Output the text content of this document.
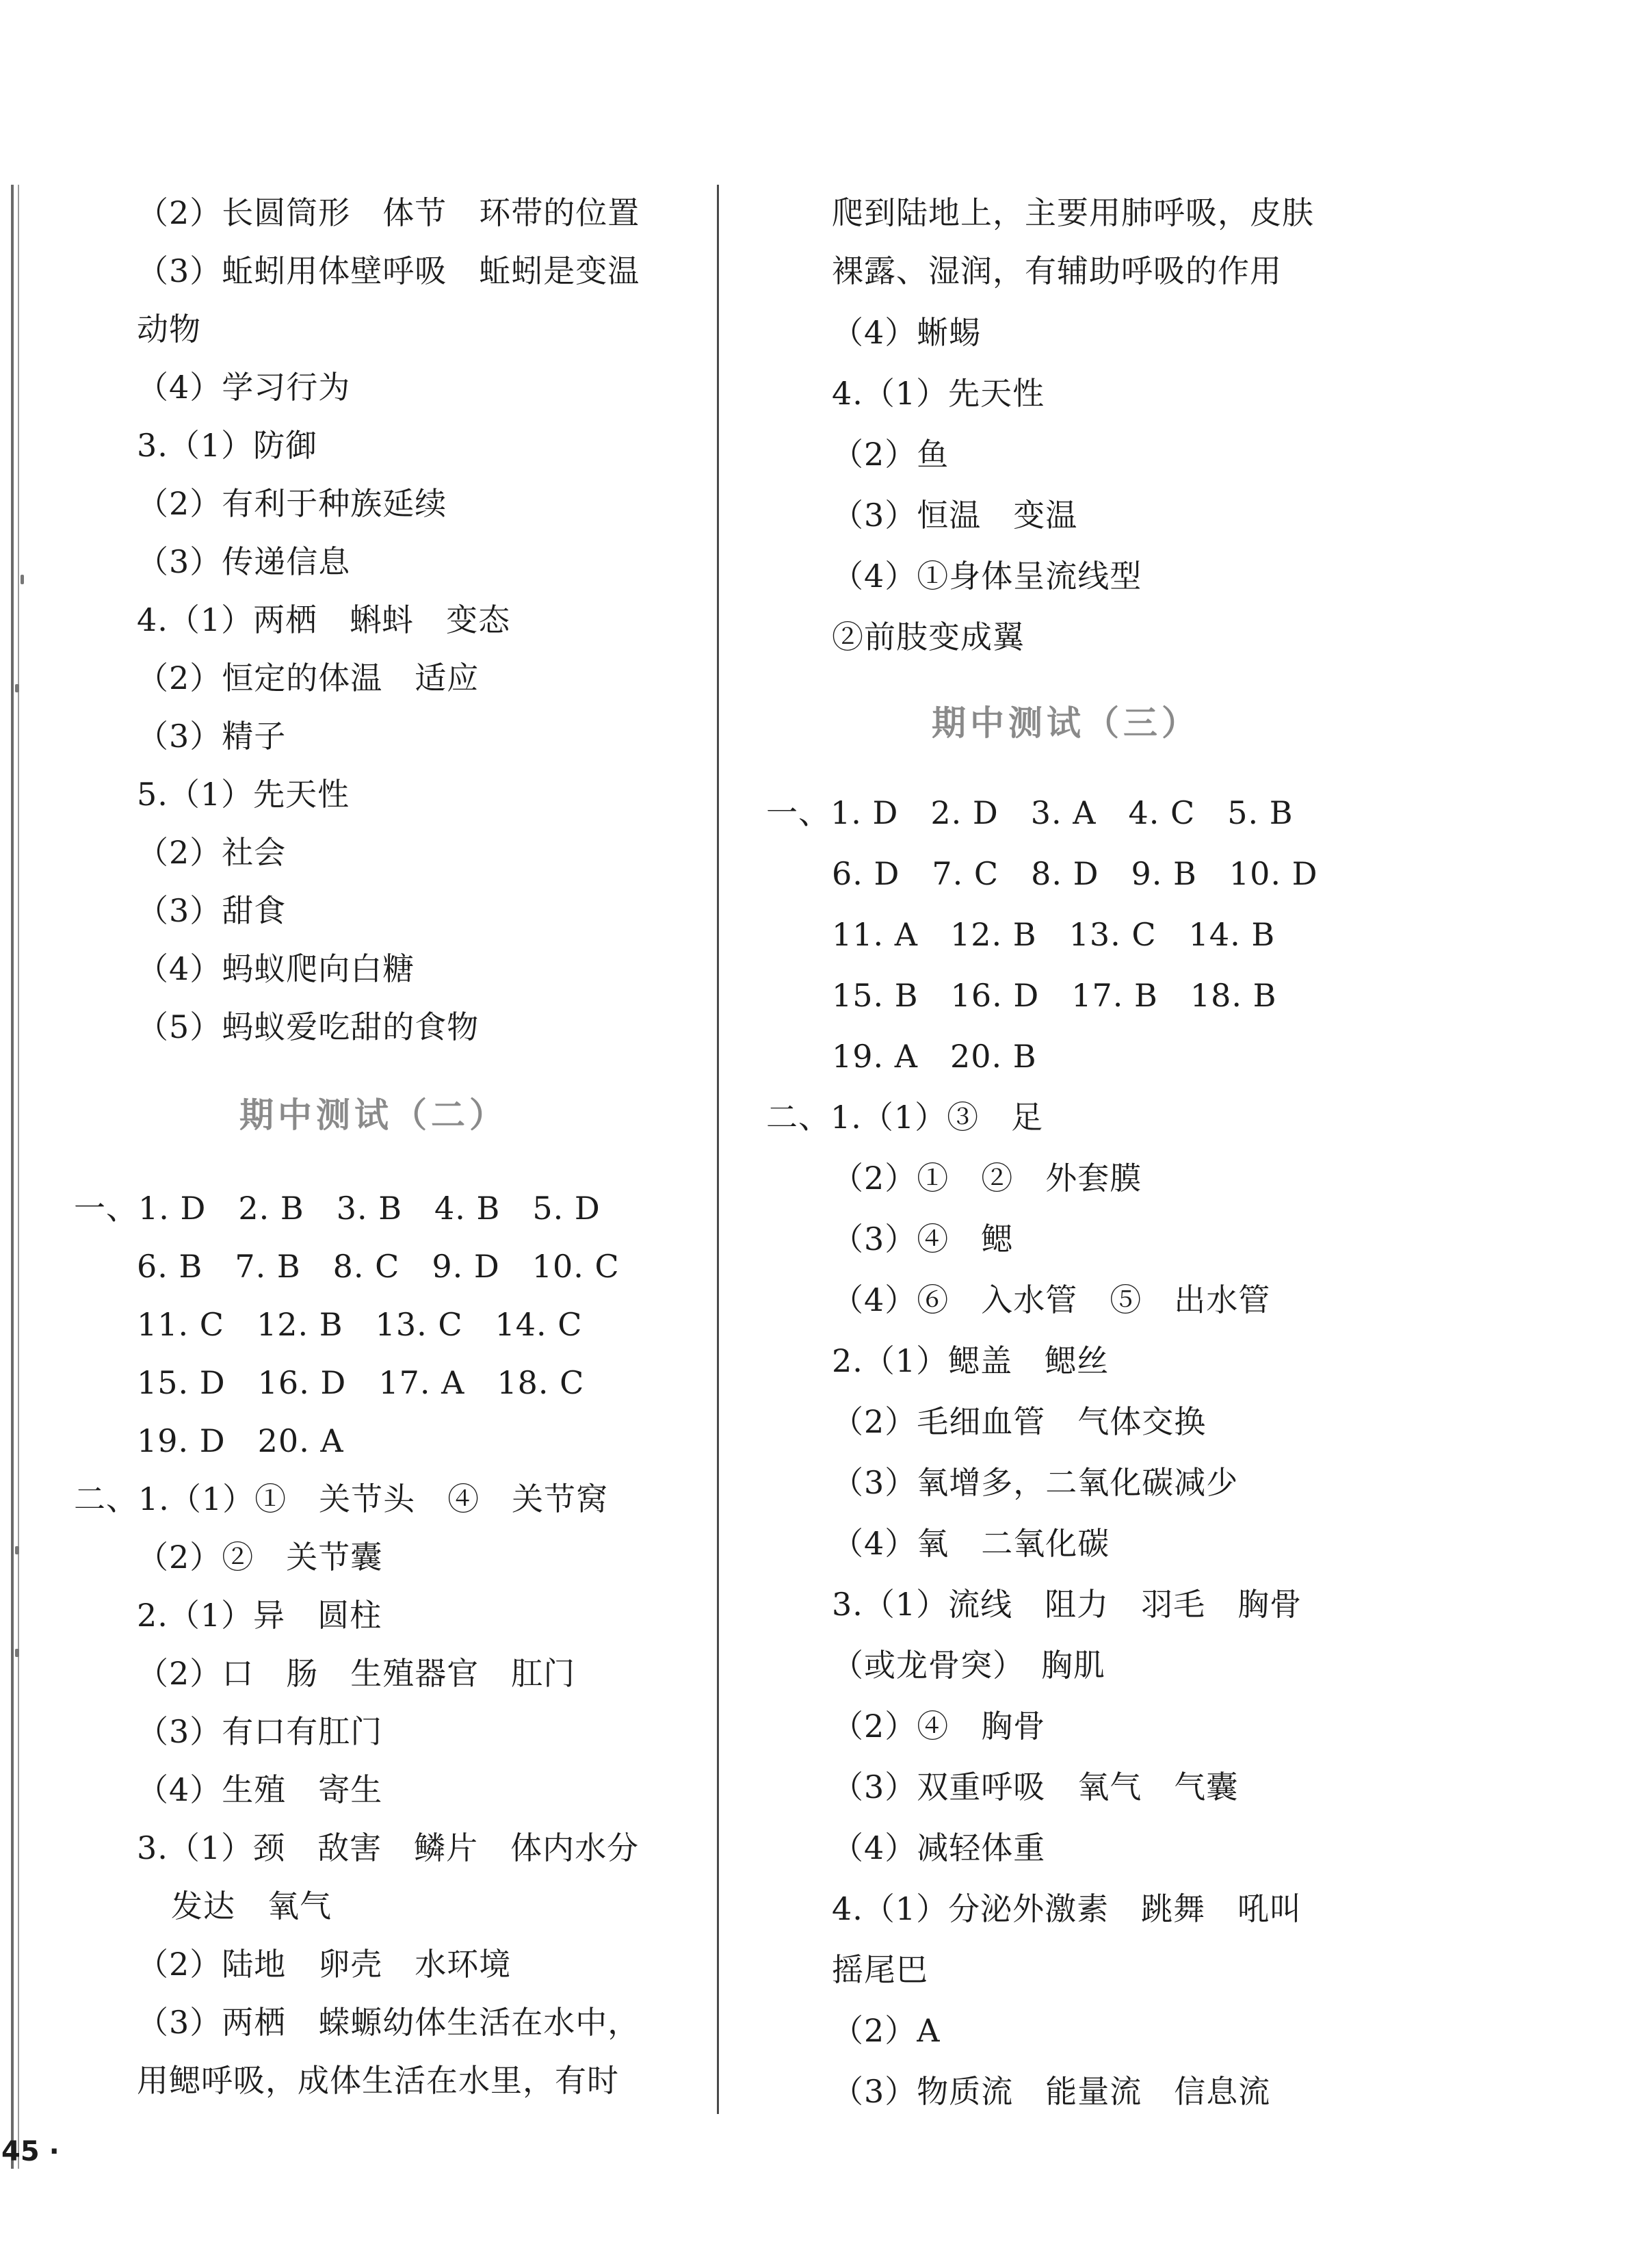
（2）长圆筒形　体节　环带的位置
（3）蚯蚓用体壁呼吸　蚯蚓是变温
动物
（4）学习行为
3.（1）防御
（2）有利于种族延续
（3）传递信息
4.（1）两栖　蝌蚪　变态
（2）恒定的体温　适应
（3）精子
5.（1）先天性
（2）社会
（3）甜食
（4）蚂蚁爬向白糖
（5）蚂蚁爱吃甜的食物
期中测试（二）
一、1. D　2. B　3. B　4. B　5. D
6. B　7. B　8. C　9. D　10. C
11. C　12. B　13. C　14. C
15. D　16. D　17. A　18. C
19. D　20. A
二、1.（1）①　关节头　④　关节窝
（2）②　关节囊
2.（1）异　圆柱
（2）口　肠　生殖器官　肛门
（3）有口有肛门
（4）生殖　寄生
3.（1）颈　敌害　鳞片　体内水分
发达　氧气
（2）陆地　卵壳　水环境
（3）两栖　蝾螈幼体生活在水中，
用鳃呼吸，成体生活在水里，有时
爬到陆地上，主要用肺呼吸，皮肤
裸露、湿润，有辅助呼吸的作用
（4）蜥蜴
4.（1）先天性
（2）鱼
（3）恒温　变温
（4）①身体呈流线型
②前肢变成翼
期中测试（三）
一、1. D　2. D　3. A　4. C　5. B
6. D　7. C　8. D　9. B　10. D
11. A　12. B　13. C　14. B
15. B　16. D　17. B　18. B
19. A　20. B
二、1.（1）③　足
（2）①　②　外套膜
（3）④　鳃
（4）⑥　入水管　⑤　出水管
2.（1）鳃盖　鳃丝
（2）毛细血管　气体交换
（3）氧增多，二氧化碳减少
（4）氧　二氧化碳
3.（1）流线　阻力　羽毛　胸骨
（或龙骨突）　胸肌
（2）④　胸骨
（3）双重呼吸　氧气　气囊
（4）减轻体重
4.（1）分泌外激素　跳舞　吼叫
摇尾巴
（2）A
（3）物质流　能量流　信息流
45 ·
